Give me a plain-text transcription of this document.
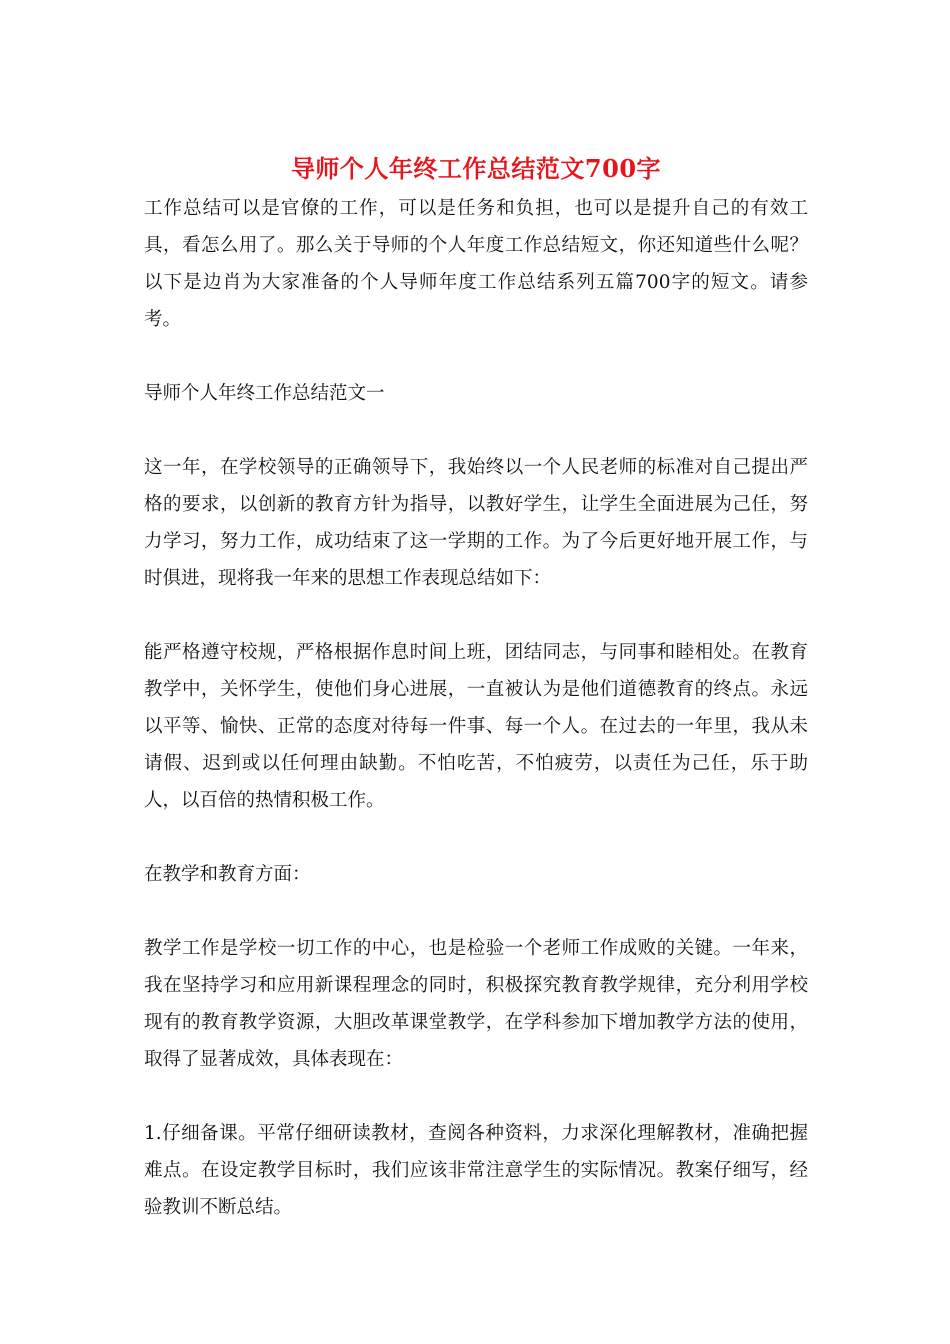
导师个人年终工作总结范文700字

工作总结可以是官僚的工作，可以是任务和负担，也可以是提升自己的有效工具，看怎么用了。那么关于导师的个人年度工作总结短文，你还知道些什么呢？以下是边肖为大家准备的个人导师年度工作总结系列五篇700字的短文。请参考。

导师个人年终工作总结范文一

这一年，在学校领导的正确领导下，我始终以一个人民老师的标准对自己提出严格的要求，以创新的教育方针为指导，以教好学生，让学生全面进展为己任，努力学习，努力工作，成功结束了这一学期的工作。为了今后更好地开展工作，与时俱进，现将我一年来的思想工作表现总结如下：

能严格遵守校规，严格根据作息时间上班，团结同志，与同事和睦相处。在教育教学中，关怀学生，使他们身心进展，一直被认为是他们道德教育的终点。永远以平等、愉快、正常的态度对待每一件事、每一个人。在过去的一年里，我从未请假、迟到或以任何理由缺勤。不怕吃苦，不怕疲劳，以责任为己任，乐于助人，以百倍的热情积极工作。

在教学和教育方面：

教学工作是学校一切工作的中心，也是检验一个老师工作成败的关键。一年来，我在坚持学习和应用新课程理念的同时，积极探究教育教学规律，充分利用学校现有的教育教学资源，大胆改革课堂教学，在学科参加下增加教学方法的使用，取得了显著成效，具体表现在：

1.仔细备课。平常仔细研读教材，查阅各种资料，力求深化理解教材，准确把握难点。在设定教学目标时，我们应该非常注意学生的实际情况。教案仔细写，经验教训不断总结。
